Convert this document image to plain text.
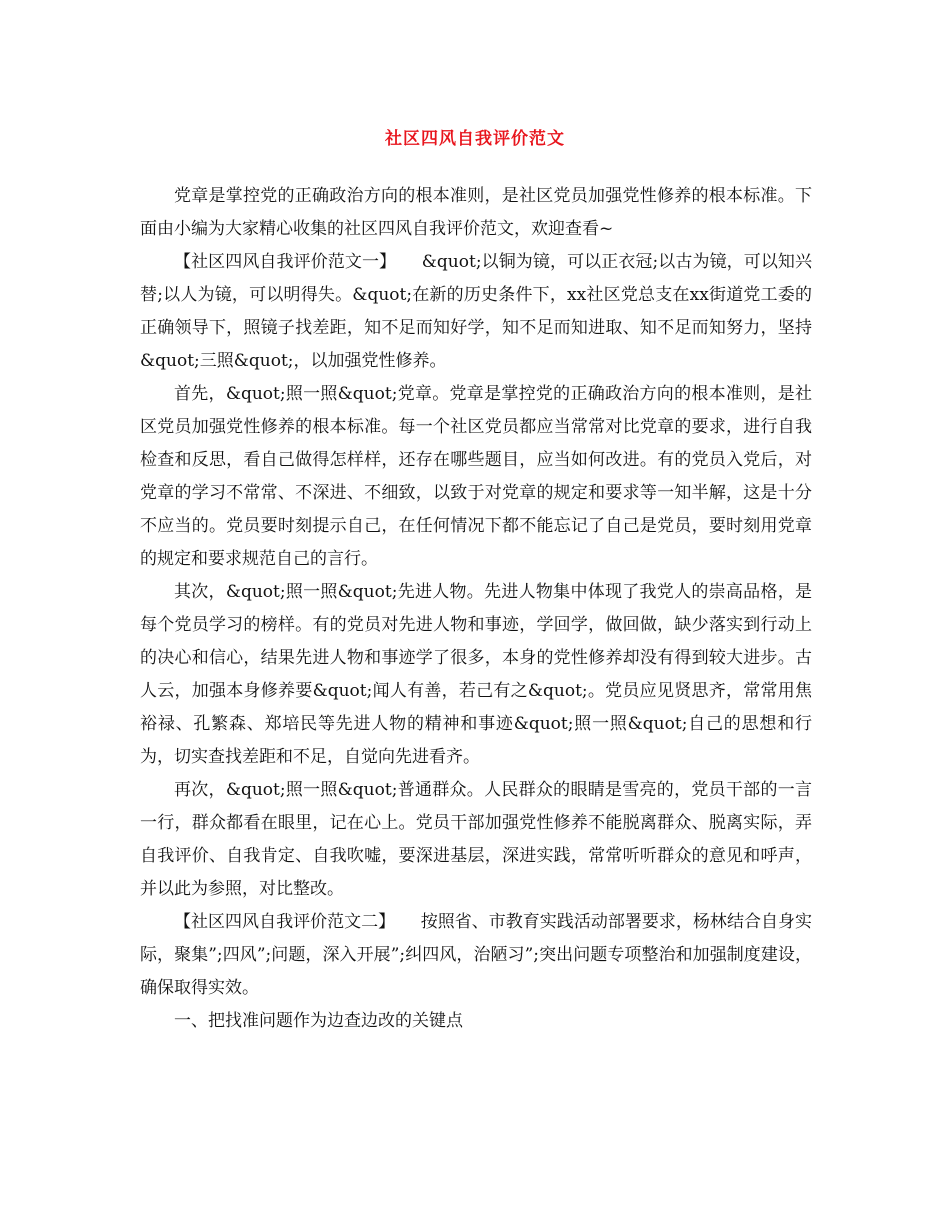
社区四风自我评价范文

党章是掌控党的正确政治方向的根本准则，是社区党员加强党性修养的根本标准。下面由小编为大家精心收集的社区四风自我评价范文，欢迎查看~

【社区四风自我评价范文一】　　&quot;以铜为镜，可以正衣冠;以古为镜，可以知兴替;以人为镜，可以明得失。&quot;在新的历史条件下，xx社区党总支在xx街道党工委的正确领导下，照镜子找差距，知不足而知好学，知不足而知进取、知不足而知努力，坚持&quot;三照&quot;，以加强党性修养。

首先，&quot;照一照&quot;党章。党章是掌控党的正确政治方向的根本准则，是社区党员加强党性修养的根本标准。每一个社区党员都应当常常对比党章的要求，进行自我检查和反思，看自己做得怎样样，还存在哪些题目，应当如何改进。有的党员入党后，对党章的学习不常常、不深进、不细致，以致于对党章的规定和要求等一知半解，这是十分不应当的。党员要时刻提示自己，在任何情况下都不能忘记了自己是党员，要时刻用党章的规定和要求规范自己的言行。

其次，&quot;照一照&quot;先进人物。先进人物集中体现了我党人的崇高品格，是每个党员学习的榜样。有的党员对先进人物和事迹，学回学，做回做，缺少落实到行动上的决心和信心，结果先进人物和事迹学了很多，本身的党性修养却没有得到较大进步。古人云，加强本身修养要&quot;闻人有善，若己有之&quot;。党员应见贤思齐，常常用焦裕禄、孔繁森、郑培民等先进人物的精神和事迹&quot;照一照&quot;自己的思想和行为，切实查找差距和不足，自觉向先进看齐。

再次，&quot;照一照&quot;普通群众。人民群众的眼睛是雪亮的，党员干部的一言一行，群众都看在眼里，记在心上。党员干部加强党性修养不能脱离群众、脱离实际，弄自我评价、自我肯定、自我吹嘘，要深进基层，深进实践，常常听听群众的意见和呼声，并以此为参照，对比整改。

【社区四风自我评价范文二】　　按照省、市教育实践活动部署要求，杨林结合自身实际，聚集”;四风”;问题，深入开展”;纠四风，治陋习”;突出问题专项整治和加强制度建设，确保取得实效。

一、把找准问题作为边查边改的关键点
